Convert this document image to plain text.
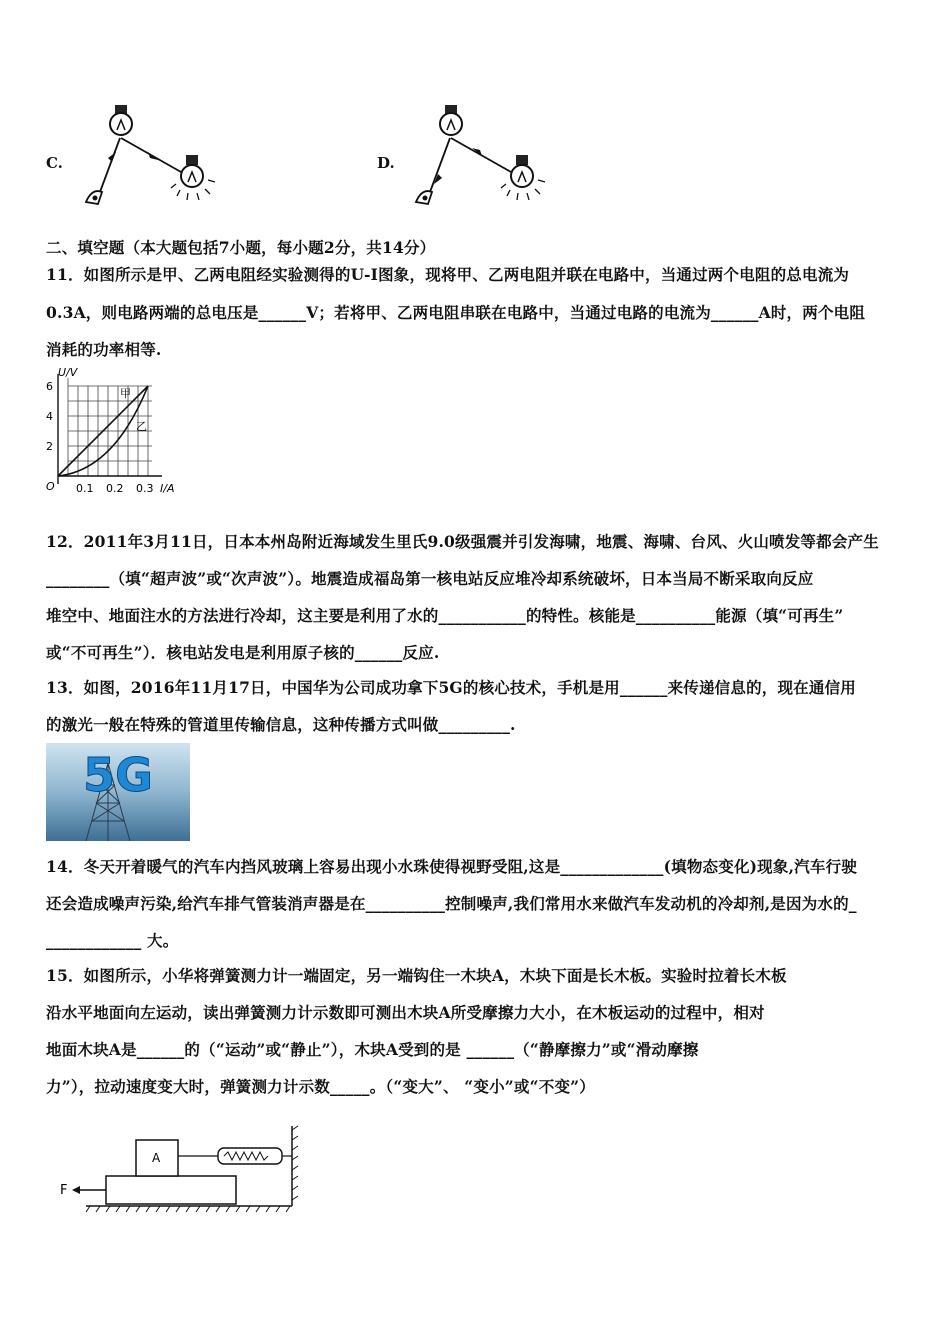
C.	D.
二、填空题（本大题包括7小题，每小题2分，共14分）
11．如图所示是甲、乙两电阻经实验测得的U-I图象，现将甲、乙两电阻并联在电路中，当通过两个电阻的总电流为
0.3A，则电路两端的总电压是______V；若将甲、乙两电阻串联在电路中，当通过电路的电流为______A时，两个电阻
消耗的功率相等.
U/V
6
4
2
O 0.1 0.2 0.3 I/A
甲
乙
12．2011年3月11日，日本本州岛附近海域发生里氏9.0级强震并引发海啸，地震、海啸、台风、火山喷发等都会产生
________（填“超声波”或“次声波”）。地震造成福岛第一核电站反应堆冷却系统破坏，日本当局不断采取向反应
堆空中、地面注水的方法进行冷却，这主要是利用了水的___________的特性。核能是__________能源（填“可再生”
或“不可再生”）．核电站发电是利用原子核的______反应.
13．如图，2016年11月17日，中国华为公司成功拿下5G的核心技术，手机是用______来传递信息的，现在通信用
的激光一般在特殊的管道里传输信息，这种传播方式叫做_________.
5G
14．冬天开着暖气的汽车内挡风玻璃上容易出现小水珠使得视野受阻,这是_____________(填物态变化)现象,汽车行驶
还会造成噪声污染,给汽车排气管装消声器是在__________控制噪声,我们常用水来做汽车发动机的冷却剂,是因为水的_
____________ 大。
15．如图所示，小华将弹簧测力计一端固定，另一端钩住一木块A，木块下面是长木板。实验时拉着长木板
沿水平地面向左运动，读出弹簧测力计示数即可测出木块A所受摩擦力大小，在木板运动的过程中，相对
地面木块A是______的（“运动”或“静止”），木块A受到的是 ______（“静摩擦力”或“滑动摩擦
力”），拉动速度变大时，弹簧测力计示数_____。（“变大”、 “变小”或“不变”）
A
F
